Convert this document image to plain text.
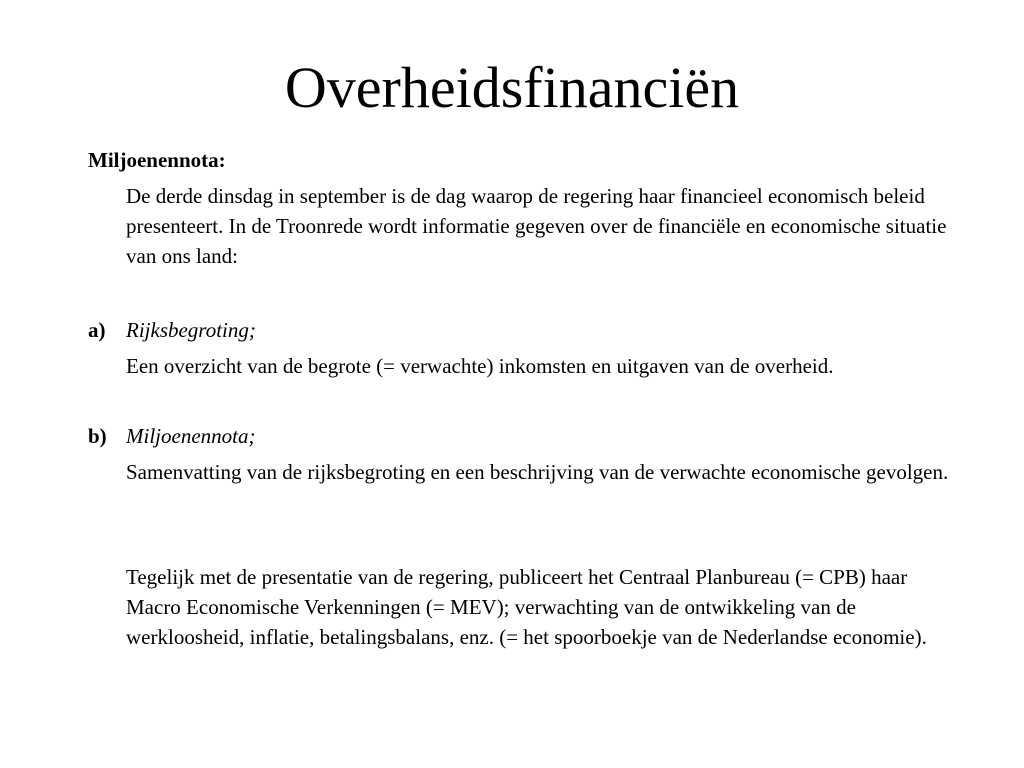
Overheidsfinanciën

Miljoenennota:

De derde dinsdag in september is de dag waarop de regering haar financieel economisch beleid presenteert. In de Troonrede wordt informatie gegeven over de financiële en economische situatie van ons land:

a) Rijksbegroting;

Een overzicht van de begrote (= verwachte) inkomsten en uitgaven van de overheid.

b) Miljoenennota;

Samenvatting van de rijksbegroting en een beschrijving van de verwachte economische gevolgen.

Tegelijk met de presentatie van de regering, publiceert het Centraal Planbureau (= CPB) haar Macro Economische Verkenningen (= MEV); verwachting van de ontwikkeling van de werkloosheid, inflatie, betalingsbalans, enz. (= het spoorboekje van de Nederlandse economie).
